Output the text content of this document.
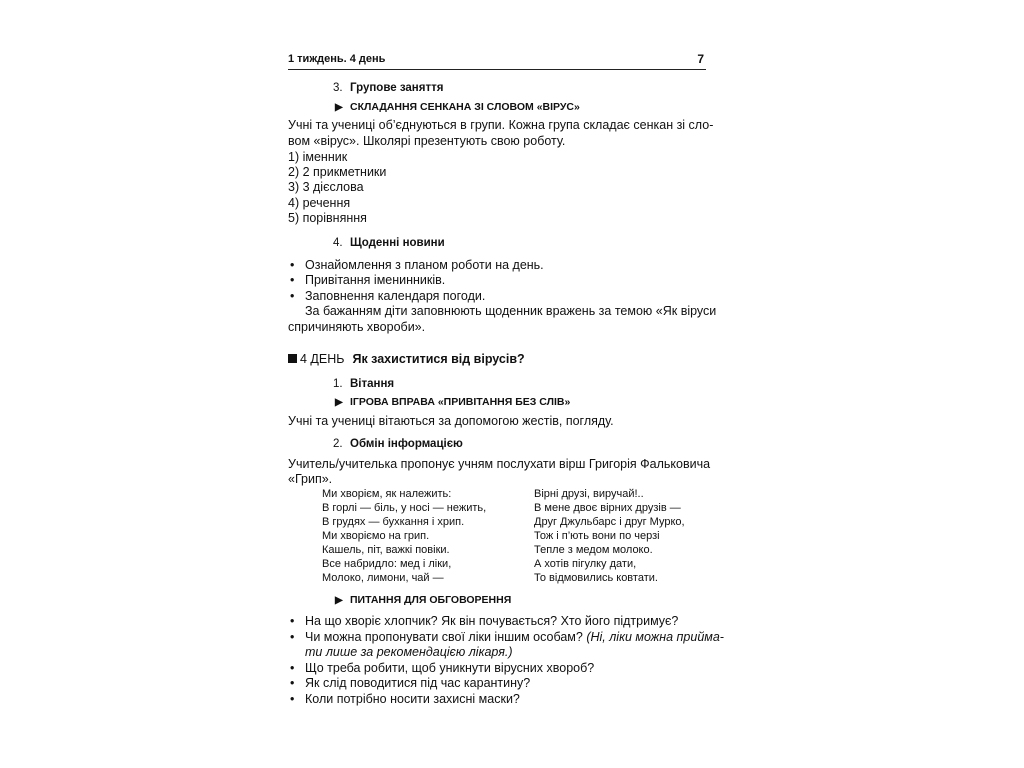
1 тиждень. 4 день	7
3. Групове заняття
▶ СКЛАДАННЯ СЕНКАНА ЗІ СЛОВОМ «ВІРУС»
Учні та учениці об’єднуються в групи. Кожна група складає сенкан зі сло-
вом «вірус». Школярі презентують свою роботу.
1) іменник
2) 2 прикметники
3) 3 дієслова
4) речення
5) порівняння
4. Щоденні новини
• Ознайомлення з планом роботи на день.
• Привітання іменинників.
• Заповнення календаря погоди.
За бажанням діти заповнюють щоденник вражень за темою «Як віруси
спричиняють хвороби».
4 ДЕНЬ Як захиститися від вірусів?
1. Вітання
▶ ІГРОВА ВПРАВА «ПРИВІТАННЯ БЕЗ СЛІВ»
Учні та учениці вітаються за допомогою жестів, погляду.
2. Обмін інформацією
Учитель/учителька пропонує учням послухати вірш Григорія Фальковича
«Грип».
Ми хворієм, як належить:
В горлі — біль, у носі — нежить,
В грудях — бухкання і хрип.
Ми хворіємо на грип.
Кашель, піт, важкі повіки.
Все набридло: мед і ліки,
Молоко, лимони, чай —
Вірні друзі, виручай!..
В мене двоє вірних друзів —
Друг Джульбарс і друг Мурко,
Тож і п’ють вони по черзі
Тепле з медом молоко.
А хотів пігулку дати,
То відмовились ковтати.
▶ ПИТАННЯ ДЛЯ ОБГОВОРЕННЯ
• На що хворіє хлопчик? Як він почувається? Хто його підтримує?
• Чи можна пропонувати свої ліки іншим особам? (Ні, ліки можна прийма-
ти лише за рекомендацією лікаря.)
• Що треба робити, щоб уникнути вірусних хвороб?
• Як слід поводитися під час карантину?
• Коли потрібно носити захисні маски?
